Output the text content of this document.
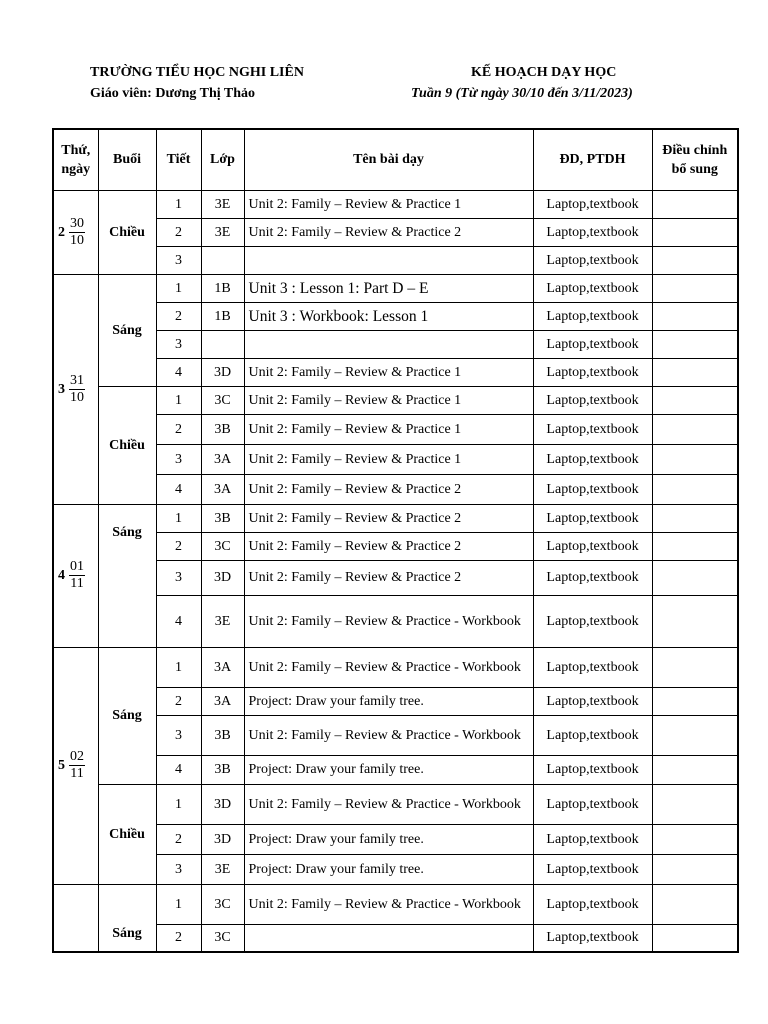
TRƯỜNG TIỂU HỌC NGHI LIÊN
Giáo viên: Dương Thị Thảo
KẾ HOẠCH DẠY HỌC
Tuần 9 (Từ ngày 30/10 đến 3/11/2023)
Thứ, ngày	Buổi	Tiết	Lớp	Tên bài dạy	ĐD, PTDH	Điều chỉnh bổ sung

$2 \frac{30}{10}$	Chiều	1	3E	Unit 2: Family – Review & Practice 1	Laptop,textbook	
		2	3E	Unit 2: Family – Review & Practice 2	Laptop,textbook	
		3			Laptop,textbook	

$3 \frac{31}{10}$	Sáng	1	1B	Unit 3 : Lesson 1: Part D – E	Laptop,textbook	
		2	1B	Unit 3 : Workbook: Lesson 1	Laptop,textbook	
		3			Laptop,textbook	
		4	3D	Unit 2: Family – Review & Practice 1	Laptop,textbook	
	Chiều	1	3C	Unit 2: Family – Review & Practice 1	Laptop,textbook	
		2	3B	Unit 2: Family – Review & Practice 1	Laptop,textbook	
		3	3A	Unit 2: Family – Review & Practice 1	Laptop,textbook	
		4	3A	Unit 2: Family – Review & Practice 2	Laptop,textbook	

$4 \frac{01}{11}$	Sáng	1	3B	Unit 2: Family – Review & Practice 2	Laptop,textbook	
		2	3C	Unit 2: Family – Review & Practice 2	Laptop,textbook	
		3	3D	Unit 2: Family – Review & Practice 2	Laptop,textbook	
		4	3E	Unit 2: Family – Review & Practice - Workbook	Laptop,textbook	

$5 \frac{02}{11}$	Sáng	1	3A	Unit 2: Family – Review & Practice - Workbook	Laptop,textbook	
		2	3A	Project: Draw your family tree.	Laptop,textbook	
		3	3B	Unit 2: Family – Review & Practice - Workbook	Laptop,textbook	
		4	3B	Project: Draw your family tree.	Laptop,textbook	
	Chiều	1	3D	Unit 2: Family – Review & Practice - Workbook	Laptop,textbook	
		2	3D	Project: Draw your family tree.	Laptop,textbook	
		3	3E	Project: Draw your family tree.	Laptop,textbook	
	Sáng	1	3C	Unit 2: Family – Review & Practice - Workbook	Laptop,textbook	
		2	3C		Laptop,textbook	
